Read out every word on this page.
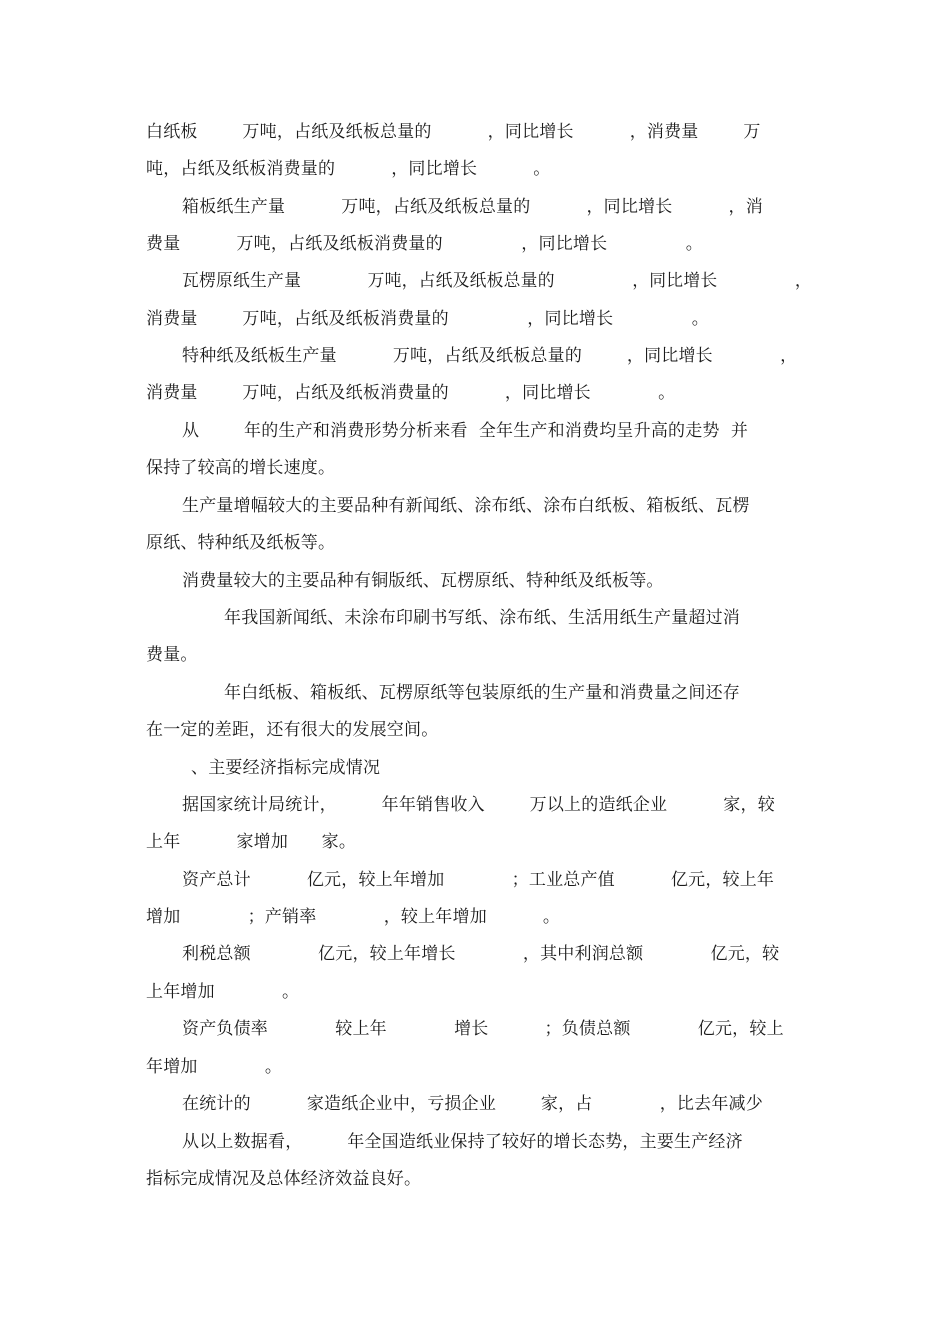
白纸板        万吨，占纸及纸板总量的          ，同比增长          ，消费量        万

吨，占纸及纸板消费量的          ，同比增长          。

箱板纸生产量          万吨，占纸及纸板总量的          ，同比增长          ，消

费量          万吨，占纸及纸板消费量的              ，同比增长              。

瓦楞原纸生产量            万吨，占纸及纸板总量的              ，同比增长              ，

消费量        万吨，占纸及纸板消费量的              ，同比增长              。

特种纸及纸板生产量          万吨，占纸及纸板总量的        ，同比增长            ，

消费量        万吨，占纸及纸板消费量的          ，同比增长            。

从        年的生产和消费形势分析来看  全年生产和消费均呈升高的走势  并

保持了较高的增长速度。

生产量增幅较大的主要品种有新闻纸、涂布纸、涂布白纸板、箱板纸、瓦楞

原纸、特种纸及纸板等。

消费量较大的主要品种有铜版纸、瓦楞原纸、特种纸及纸板等。

年我国新闻纸、未涂布印刷书写纸、涂布纸、生活用纸生产量超过消

费量。

年白纸板、箱板纸、瓦楞原纸等包装原纸的生产量和消费量之间还存

在一定的差距，还有很大的发展空间。

、主要经济指标完成情况

据国家统计局统计，        年年销售收入        万以上的造纸企业          家，较

上年          家增加      家。

资产总计          亿元，较上年增加            ；工业总产值          亿元，较上年

增加            ；产销率            ，较上年增加          。

利税总额            亿元，较上年增长            ，其中利润总额            亿元，较

上年增加            。

资产负债率            较上年            增长          ；负债总额            亿元，较上

年增加            。

在统计的          家造纸企业中，亏损企业        家，占            ，比去年减少

从以上数据看，        年全国造纸业保持了较好的增长态势，主要生产经济

指标完成情况及总体经济效益良好。
